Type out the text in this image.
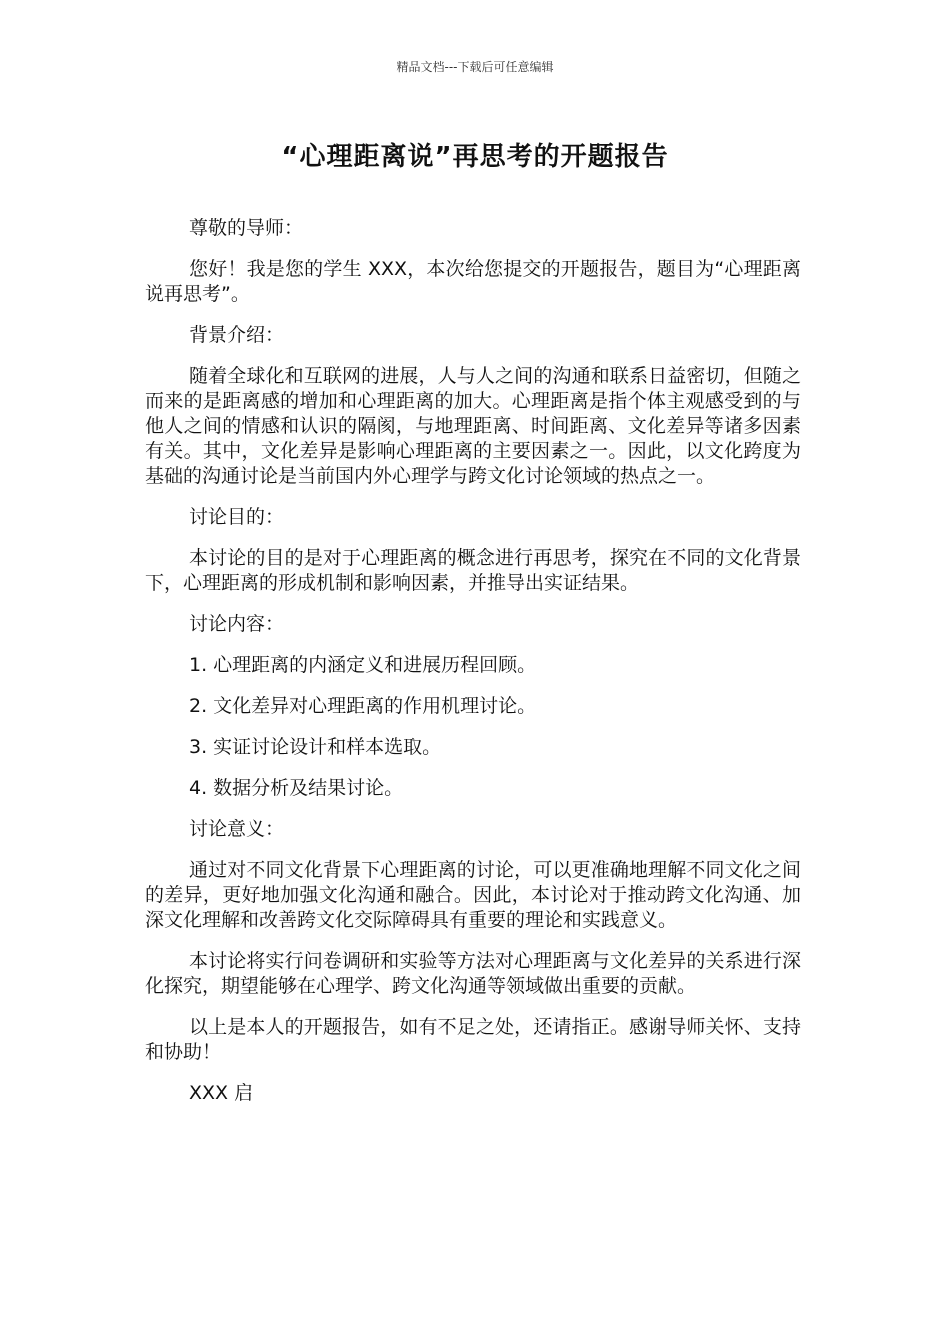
精品文档---下载后可任意编辑
“心理距离说”再思考的开题报告

尊敬的导师：

您好！我是您的学生 XXX，本次给您提交的开题报告，题目为“心理距离说再思考”。

背景介绍：

随着全球化和互联网的进展，人与人之间的沟通和联系日益密切，但随之而来的是距离感的增加和心理距离的加大。心理距离是指个体主观感受到的与他人之间的情感和认识的隔阂，与地理距离、时间距离、文化差异等诸多因素有关。其中，文化差异是影响心理距离的主要因素之一。因此，以文化跨度为基础的沟通讨论是当前国内外心理学与跨文化讨论领域的热点之一。

讨论目的：

本讨论的目的是对于心理距离的概念进行再思考，探究在不同的文化背景下，心理距离的形成机制和影响因素，并推导出实证结果。

讨论内容：

1. 心理距离的内涵定义和进展历程回顾。

2. 文化差异对心理距离的作用机理讨论。

3. 实证讨论设计和样本选取。

4. 数据分析及结果讨论。

讨论意义：

通过对不同文化背景下心理距离的讨论，可以更准确地理解不同文化之间的差异，更好地加强文化沟通和融合。因此，本讨论对于推动跨文化沟通、加深文化理解和改善跨文化交际障碍具有重要的理论和实践意义。

本讨论将实行问卷调研和实验等方法对心理距离与文化差异的关系进行深化探究，期望能够在心理学、跨文化沟通等领域做出重要的贡献。

以上是本人的开题报告，如有不足之处，还请指正。感谢导师关怀、支持和协助！

XXX 启
